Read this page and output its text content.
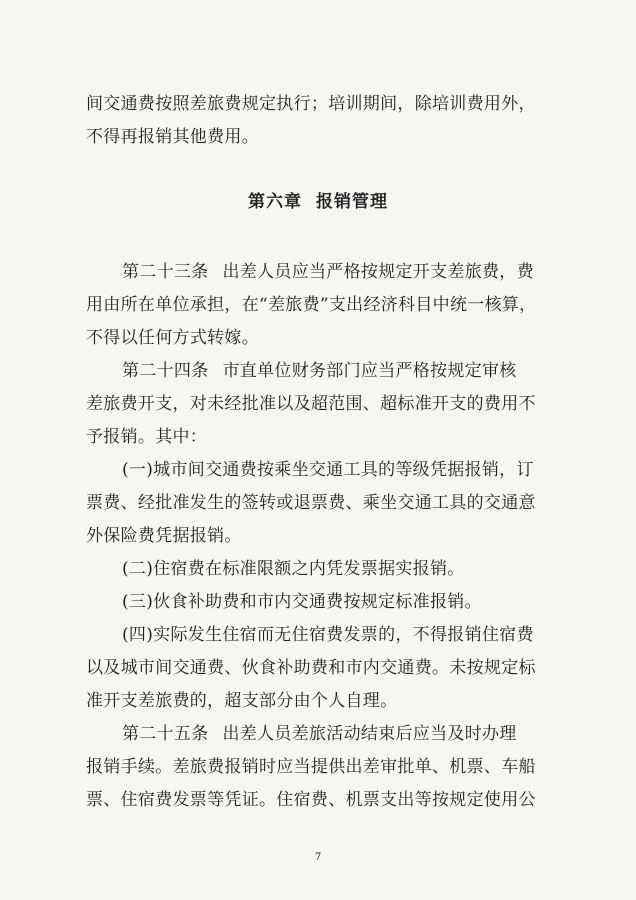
间交通费按照差旅费规定执行；培训期间，除培训费用外，
不得再报销其他费用。
第六章 报销管理
第二十三条 出差人员应当严格按规定开支差旅费，费
用由所在单位承担，在“差旅费”支出经济科目中统一核算，
不得以任何方式转嫁。
第二十四条 市直单位财务部门应当严格按规定审核
差旅费开支，对未经批准以及超范围、超标准开支的费用不
予报销。其中：
(一)城市间交通费按乘坐交通工具的等级凭据报销，订
票费、经批准发生的签转或退票费、乘坐交通工具的交通意
外保险费凭据报销。
(二)住宿费在标准限额之内凭发票据实报销。
(三)伙食补助费和市内交通费按规定标准报销。
(四)实际发生住宿而无住宿费发票的，不得报销住宿费
以及城市间交通费、伙食补助费和市内交通费。未按规定标
准开支差旅费的，超支部分由个人自理。
第二十五条 出差人员差旅活动结束后应当及时办理
报销手续。差旅费报销时应当提供出差审批单、机票、车船
票、住宿费发票等凭证。住宿费、机票支出等按规定使用公
7
